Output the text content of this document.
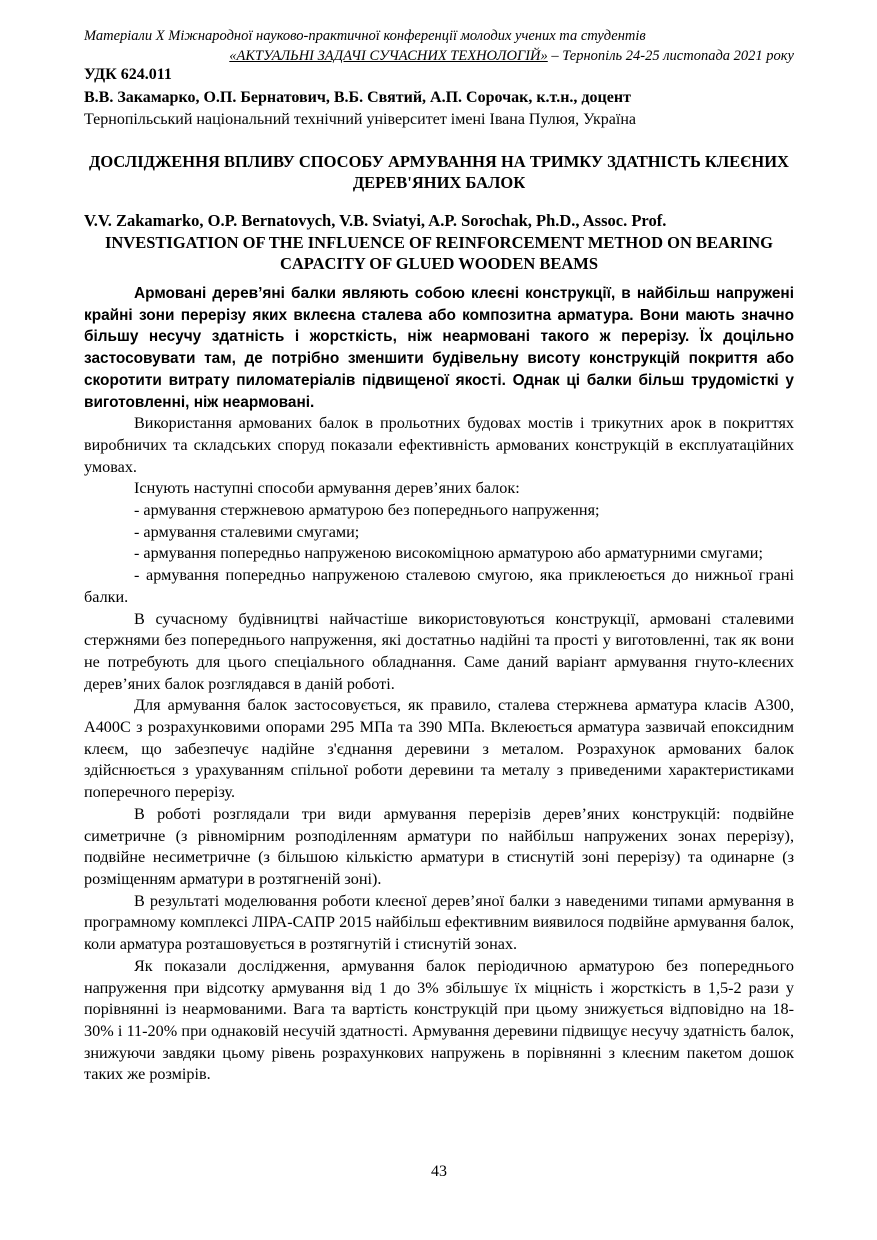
Матеріали Х Міжнародної науково-практичної конференції молодих учених та студентів
«АКТУАЛЬНІ ЗАДАЧІ СУЧАСНИХ ТЕХНОЛОГІЙ» – Тернопіль 24-25 листопада 2021 року
УДК 624.011
В.В. Закамарко, О.П. Бернатович, В.Б. Святий, А.П. Сорочак, к.т.н., доцент
Тернопільський національний технічний університет імені Івана Пулюя, Україна
ДОСЛІДЖЕННЯ ВПЛИВУ СПОСОБУ АРМУВАННЯ НА ТРИМКУ ЗДАТНІСТЬ КЛЕЄНИХ ДЕРЕВ'ЯНИХ БАЛОК
V.V. Zakamarko, O.P. Bernatovych, V.B. Sviatyi, A.P. Sorochak, Ph.D., Assoc. Prof.
INVESTIGATION OF THE INFLUENCE OF REINFORCEMENT METHOD ON BEARING CAPACITY OF GLUED WOODEN BEAMS

Армовані дерев’яні балки являють собою клеєні конструкції, в найбільш напружені крайні зони перерізу яких вклеєна сталева або композитна арматура. Вони мають значно більшу несучу здатність і жорсткість, ніж неармовані такого ж перерізу. Їх доцільно застосовувати там, де потрібно зменшити будівельну висоту конструкцій покриття або скоротити витрату пиломатеріалів підвищеної якості. Однак ці балки більш трудомісткі у виготовленні, ніж неармовані.

Використання армованих балок в прольотних будовах мостів і трикутних арок в покриттях виробничих та складських споруд показали ефективність армованих конструкцій в експлуатаційних умовах.

Існують наступні способи армування дерев’яних балок:

- армування стержневою арматурою без попереднього напруження;

- армування сталевими смугами;

- армування попередньо напруженою високоміцною арматурою або арматурними смугами;

- армування попередньо напруженою сталевою смугою, яка приклеюється до нижньої грані балки.

В сучасному будівництві найчастіше використовуються конструкції, армовані сталевими стержнями без попереднього напруження, які достатньо надійні та прості у виготовленні, так як вони не потребують для цього спеціального обладнання. Саме даний варіант армування гнуто-клеєних дерев’яних балок розглядався в даній роботі.

Для армування балок застосовується, як правило, сталева стержнева арматура класів А300, А400С з розрахунковими опорами 295 МПа та 390 МПа. Вклеюється арматура зазвичай епоксидним клеєм, що забезпечує надійне з'єднання деревини з металом. Розрахунок армованих балок здійснюється з урахуванням спільної роботи деревини та металу з приведеними характеристиками поперечного перерізу.

В роботі розглядали три види армування перерізів дерев’яних конструкцій: подвійне симетричне (з рівномірним розподіленням арматури по найбільш напружених зонах перерізу), подвійне несиметричне (з більшою кількістю арматури в стиснутій зоні перерізу) та одинарне (з розміщенням арматури в розтягненій зоні).

В результаті моделювання роботи клеєної дерев’яної балки з наведеними типами армування в програмному комплексі ЛІРА-САПР 2015 найбільш ефективним виявилося подвійне армування балок, коли арматура розташовується в розтягнутій і стиснутій зонах.

Як показали дослідження, армування балок періодичною арматурою без попереднього напруження при відсотку армування від 1 до 3% збільшує їх міцність і жорсткість в 1,5-2 рази у порівнянні із неармованими. Вага та вартість конструкцій при цьому знижується відповідно на 18-30% і 11-20% при однаковій несучій здатності. Армування деревини підвищує несучу здатність балок, знижуючи завдяки цьому рівень розрахункових напружень в порівнянні з клеєним пакетом дошок таких же розмірів.

43
